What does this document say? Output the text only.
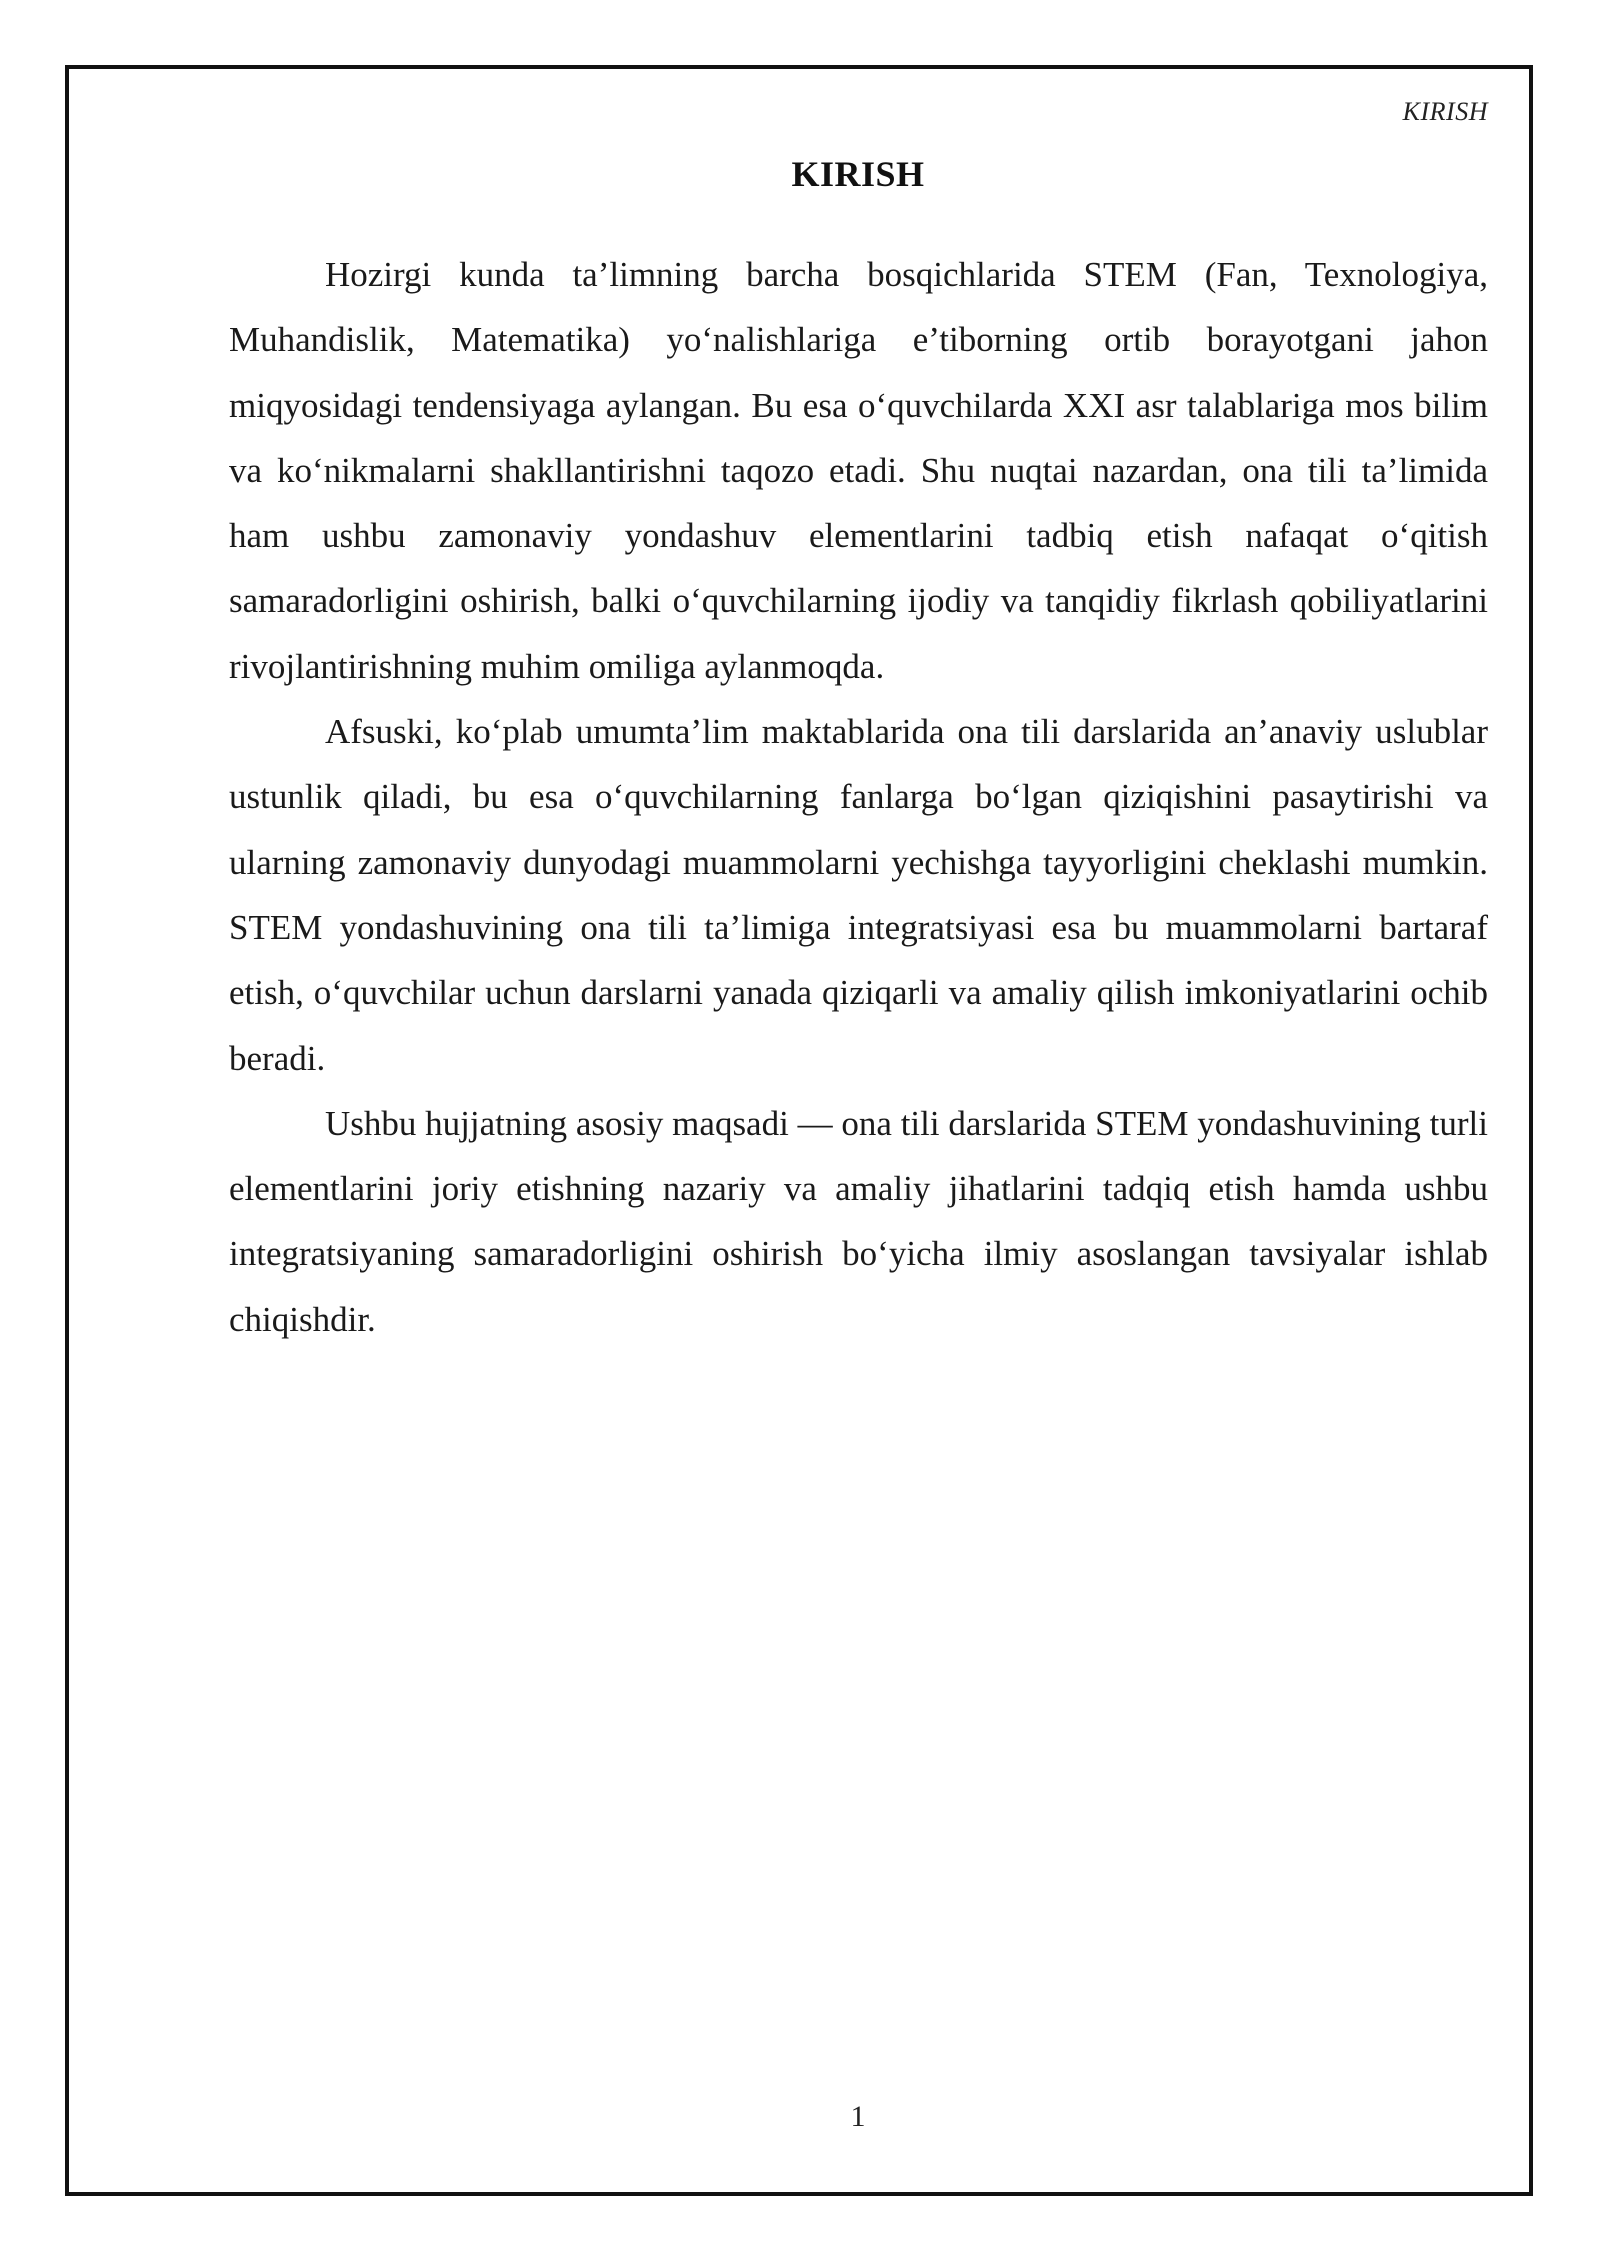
KIRISH
KIRISH

Hozirgi kunda ta’limning barcha bosqichlarida STEM (Fan, Texnologiya, Muhandislik, Matematika) yo‘nalishlariga e’tiborning ortib borayotgani jahon miqyosidagi tendensiyaga aylangan. Bu esa o‘quvchilarda XXI asr talablariga mos bilim va ko‘nikmalarni shakllantirishni taqozo etadi. Shu nuqtai nazardan, ona tili ta’limida ham ushbu zamonaviy yondashuv elementlarini tadbiq etish nafaqat o‘qitish samaradorligini oshirish, balki o‘quvchilarning ijodiy va tanqidiy fikrlash qobiliyatlarini rivojlantirishning muhim omiliga aylanmoqda.

Afsuski, ko‘plab umumta’lim maktablarida ona tili darslarida an’anaviy uslublar ustunlik qiladi, bu esa o‘quvchilarning fanlarga bo‘lgan qiziqishini pasaytirishi va ularning zamonaviy dunyodagi muammolarni yechishga tayyorligini cheklashi mumkin. STEM yondashuvining ona tili ta’limiga integratsiyasi esa bu muammolarni bartaraf etish, o‘quvchilar uchun darslarni yanada qiziqarli va amaliy qilish imkoniyatlarini ochib beradi.

Ushbu hujjatning asosiy maqsadi — ona tili darslarida STEM yondashuvining turli elementlarini joriy etishning nazariy va amaliy jihatlarini tadqiq etish hamda ushbu integratsiyaning samaradorligini oshirish bo‘yicha ilmiy asoslangan tavsiyalar ishlab chiqishdir.

1
